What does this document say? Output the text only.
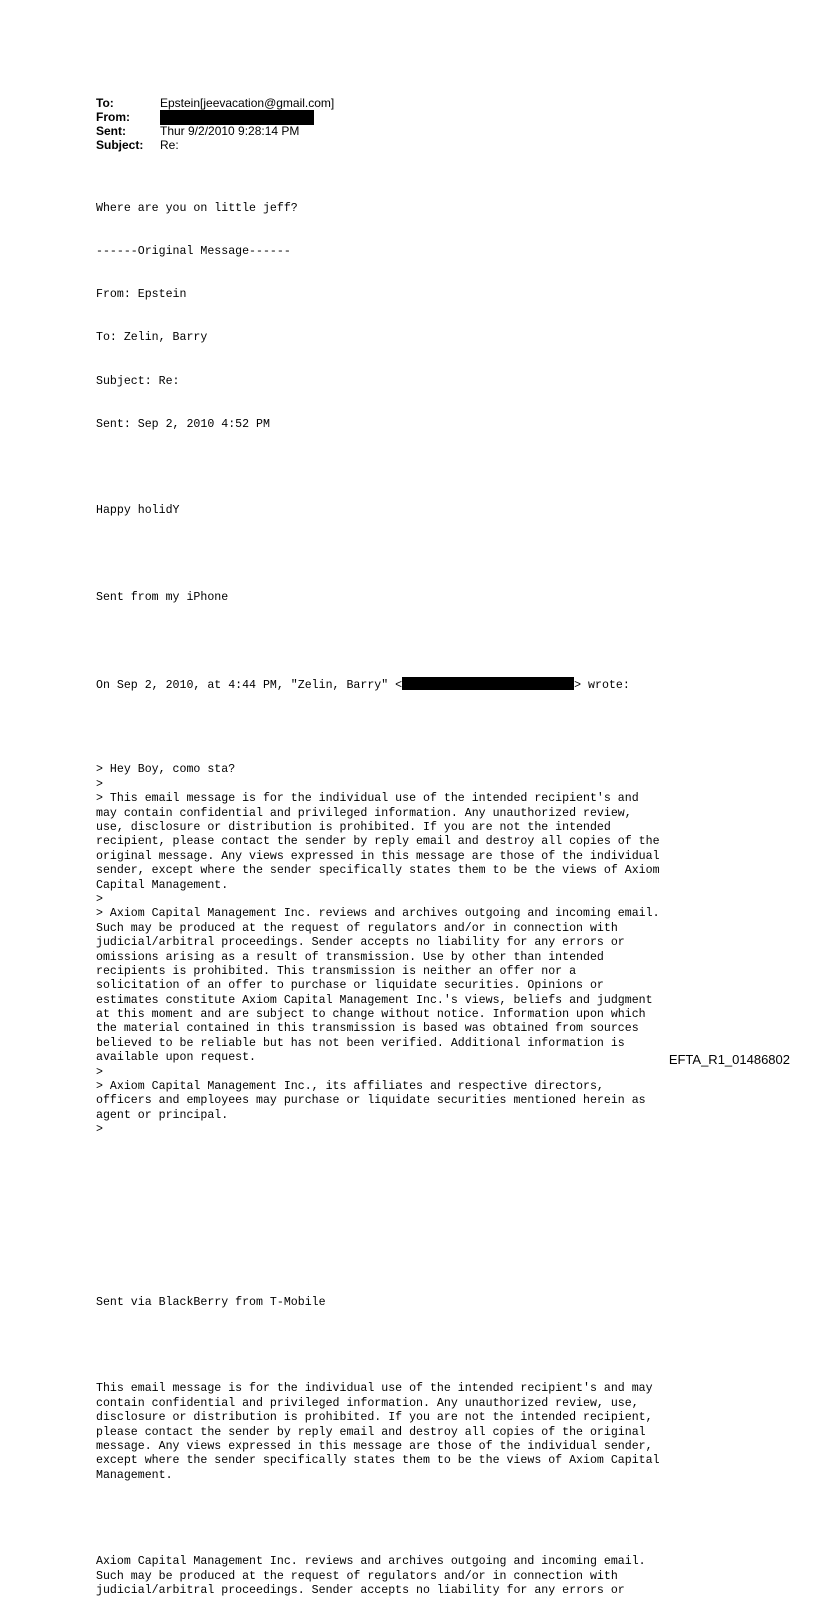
To:	Epstein[jeevacation@gmail.com]
From:
Sent:	Thur 9/2/2010 9:28:14 PM
Subject:	Re:

Where are you on little jeff?

------Original Message------

From: Epstein

To: Zelin, Barry

Subject: Re:

Sent: Sep 2, 2010 4:52 PM

Happy holidY

Sent from my iPhone

On Sep 2, 2010, at 4:44 PM, "Zelin, Barry" <	> wrote:

> Hey Boy, como sta?
>
> This email message is for the individual use of the intended recipient's and
may contain confidential and privileged information. Any unauthorized review,
use, disclosure or distribution is prohibited. If you are not the intended
recipient, please contact the sender by reply email and destroy all copies of the
original message. Any views expressed in this message are those of the individual
sender, except where the sender specifically states them to be the views of Axiom
Capital Management.
>
> Axiom Capital Management Inc. reviews and archives outgoing and incoming email.
Such may be produced at the request of regulators and/or in connection with
judicial/arbitral proceedings. Sender accepts no liability for any errors or
omissions arising as a result of transmission. Use by other than intended
recipients is prohibited. This transmission is neither an offer nor a
solicitation of an offer to purchase or liquidate securities. Opinions or
estimates constitute Axiom Capital Management Inc.'s views, beliefs and judgment
at this moment and are subject to change without notice. Information upon which
the material contained in this transmission is based was obtained from sources
believed to be reliable but has not been verified. Additional information is
available upon request.
>
> Axiom Capital Management Inc., its affiliates and respective directors,
officers and employees may purchase or liquidate securities mentioned herein as
agent or principal.
>

Sent via BlackBerry from T-Mobile

This email message is for the individual use of the intended recipient's and may
contain confidential and privileged information. Any unauthorized review, use,
disclosure or distribution is prohibited. If you are not the intended recipient,
please contact the sender by reply email and destroy all copies of the original
message. Any views expressed in this message are those of the individual sender,
except where the sender specifically states them to be the views of Axiom Capital
Management.

Axiom Capital Management Inc. reviews and archives outgoing and incoming email.
Such may be produced at the request of regulators and/or in connection with
judicial/arbitral proceedings. Sender accepts no liability for any errors or

EFTA_R1_01486802
